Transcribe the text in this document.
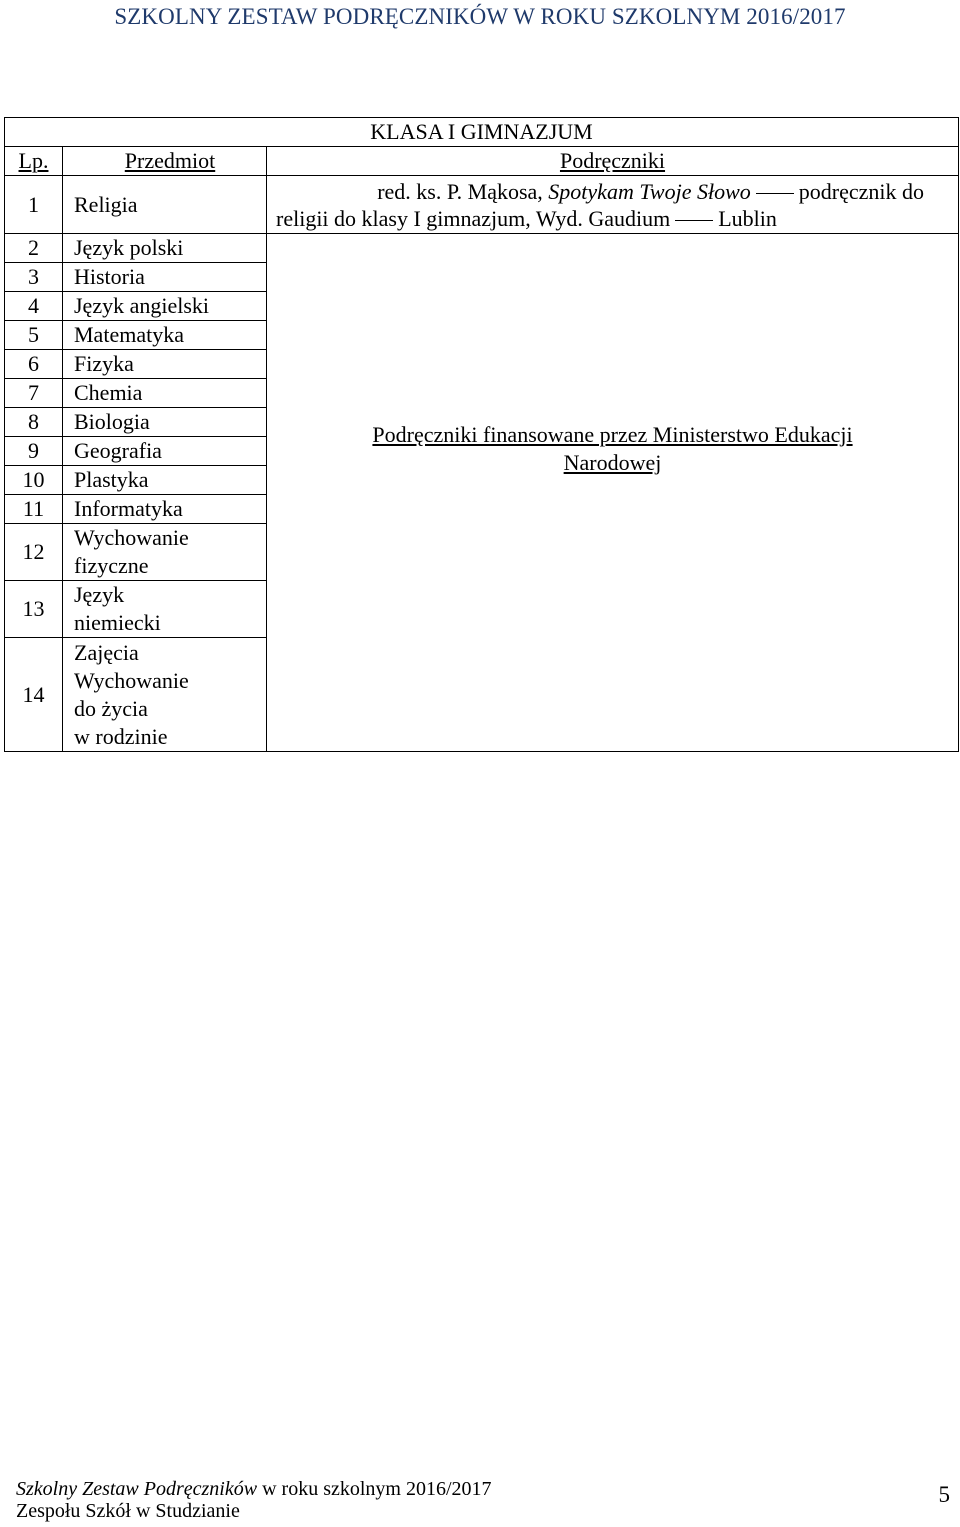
SZKOLNY ZESTAW PODRĘCZNIKÓW W ROKU SZKOLNYM 2016/2017
KLASA I GIMNAZJUM		
Lp.	Przedmiot	Podręczniki
1	Religia	red. ks. P. Mąkosa, Spotykam Twoje Słowo podręcznik do
religii do klasy I gimnazjum, Wyd. Gaudium Lublin

2	Język polski	Podręczniki finansowane przez Ministerstwo Edukacji
Narodowej

3	Historia	
4	Język angielski	
5	Matematyka	
6	Fizyka	
7	Chemia	
8	Biologia	
9	Geografia	
10	Plastyka	
11	Informatyka	
12	Wychowanie
fizyczne	

13	Język
niemiecki	

14	Zajęcia
Wychowanie
do życia
w rodzinie	
Szkolny Zestaw Podręczników w roku szkolnym 2016/2017
Zespołu Szkół w Studzianie
5
